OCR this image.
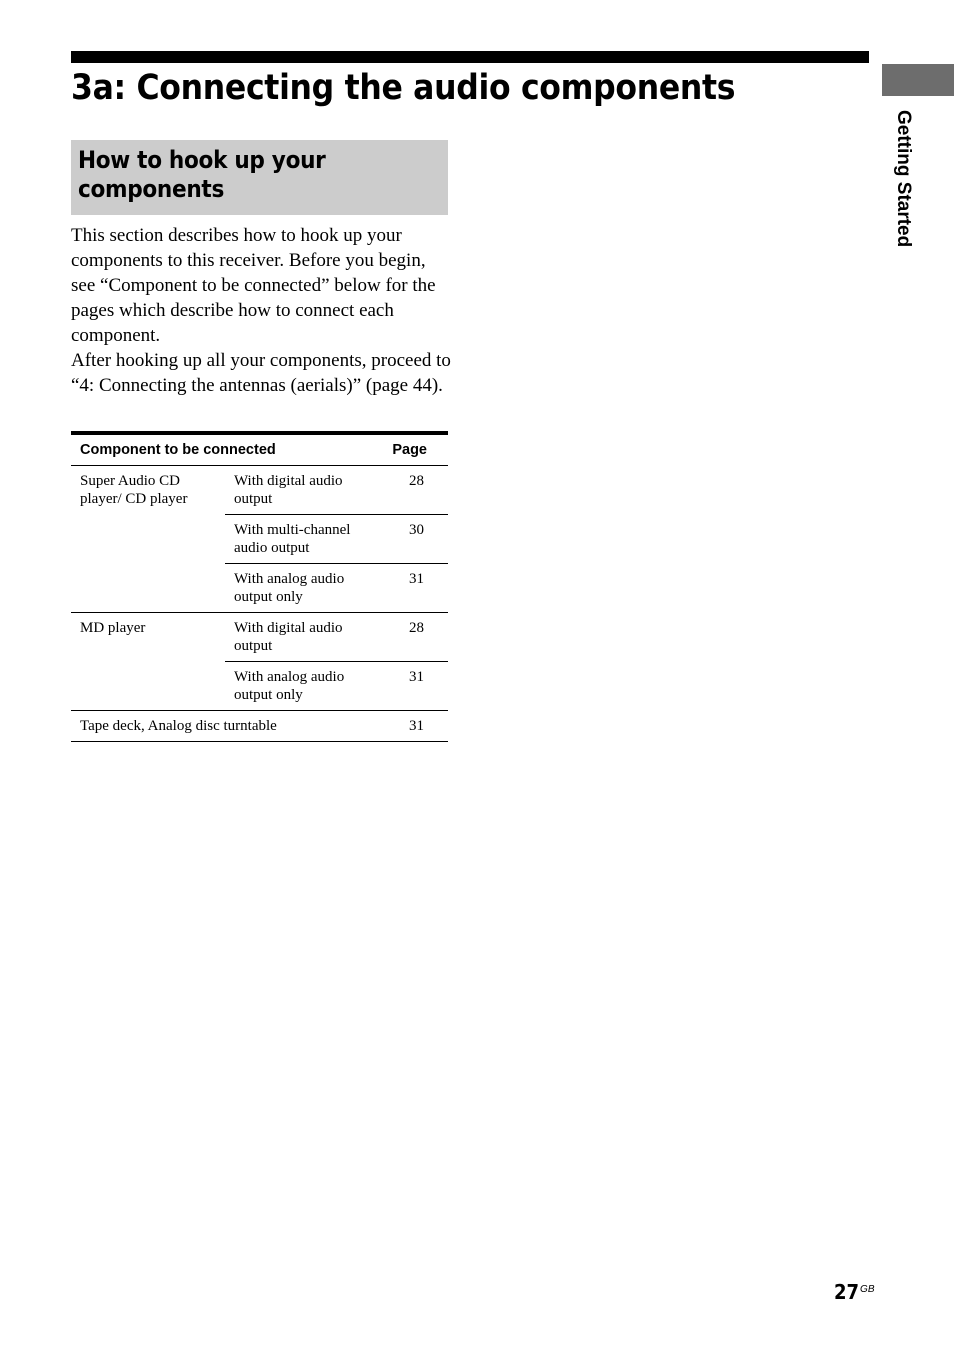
3a: Connecting the audio components
Getting Started
How to hook up your
components

This section describes how to hook up your components to this receiver. Before you begin, see “Component to be connected” below for the pages which describe how to connect each component.

After hooking up all your components, proceed to “4: Connecting the antennas (aerials)” (page 44).

Component to be connected		Page
Super Audio CD player/ CD player	With digital audio output	28
	With multi-channel audio output	30
	With analog audio output only	31
MD player	With digital audio output	28
	With analog audio output only	31
Tape deck, Analog disc turntable		31
$27^{GB}$
